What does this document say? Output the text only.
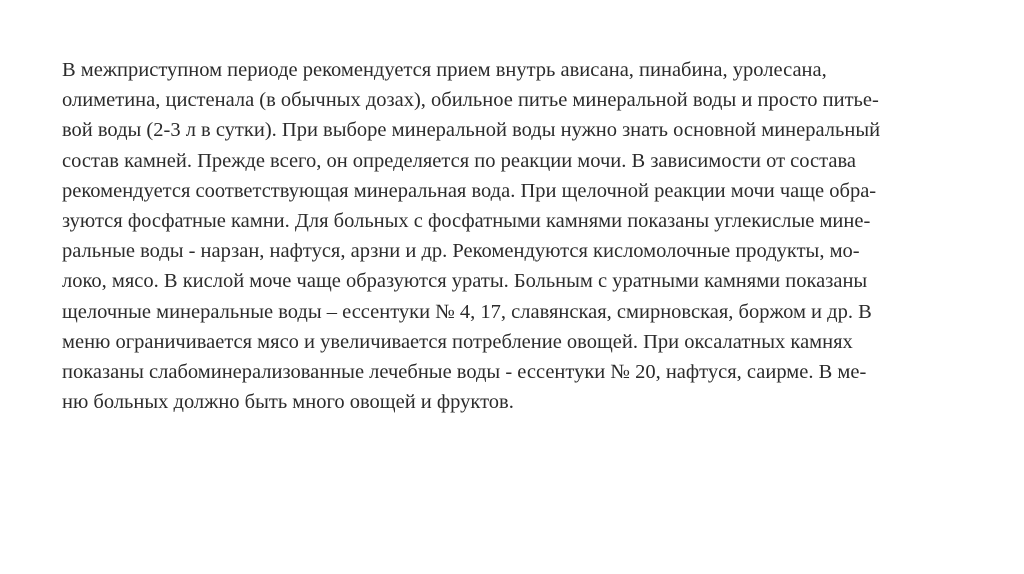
В межприступном периоде рекомендуется прием внутрь ависана, пинабина, уролесана,
олиметина, цистенала (в обычных дозах), обильное питье минеральной воды и просто питье-
вой воды (2-3 л в сутки). При выборе минеральной воды нужно знать основной минеральный
состав камней. Прежде всего, он определяется по реакции мочи. В зависимости от состава
рекомендуется соответствующая минеральная вода. При щелочной реакции мочи чаще обра-
зуются фосфатные камни. Для больных с фосфатными камнями показаны углекислые мине-
ральные воды - нарзан, нафтуся, арзни и др. Рекомендуются кисломолочные продукты, мо-
локо, мясо. В кислой моче чаще образуются ураты. Больным с уратными камнями показаны
щелочные минеральные воды – ессентуки № 4, 17, славянская, смирновская, боржом и др. В
меню ограничивается мясо и увеличивается потребление овощей. При оксалатных камнях
показаны слабоминерализованные лечебные воды - ессентуки № 20, нафтуся, саирме. В ме-
ню больных должно быть много овощей и фруктов.
